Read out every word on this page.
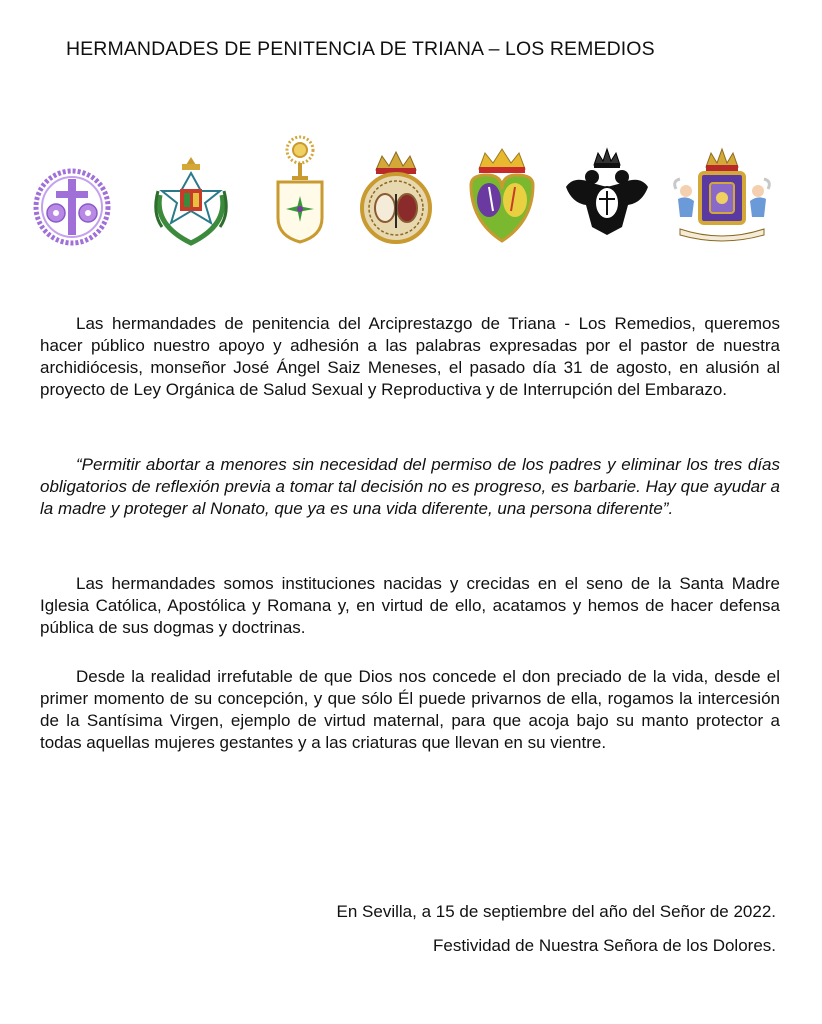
HERMANDADES DE PENITENCIA DE TRIANA – LOS REMEDIOS

Las hermandades de penitencia del Arciprestazgo de Triana - Los Remedios, queremos hacer público nuestro apoyo y adhesión a las palabras expresadas por el pastor de nuestra archidiócesis, monseñor José Ángel Saiz Meneses, el pasado día 31 de agosto, en alusión al proyecto de Ley Orgánica de Salud Sexual y Reproductiva y de Interrupción del Embarazo.

“Permitir abortar a menores sin necesidad del permiso de los padres y eliminar los tres días obligatorios de reflexión previa a tomar tal decisión no es progreso, es barbarie. Hay que ayudar a la madre y proteger al Nonato, que ya es una vida diferente, una persona diferente”.

Las hermandades somos instituciones nacidas y crecidas en el seno de la Santa Madre Iglesia Católica, Apostólica y Romana y, en virtud de ello, acatamos y hemos de hacer defensa pública de sus dogmas y doctrinas.

Desde la realidad irrefutable de que Dios nos concede el don preciado de la vida, desde el primer momento de su concepción, y que sólo Él puede privarnos de ella, rogamos la intercesión de la Santísima Virgen, ejemplo de virtud maternal, para que acoja bajo su manto protector a todas aquellas mujeres gestantes y a las criaturas que llevan en su vientre.

En Sevilla, a 15 de septiembre del año del Señor de 2022.
Festividad de Nuestra Señora de los Dolores.
